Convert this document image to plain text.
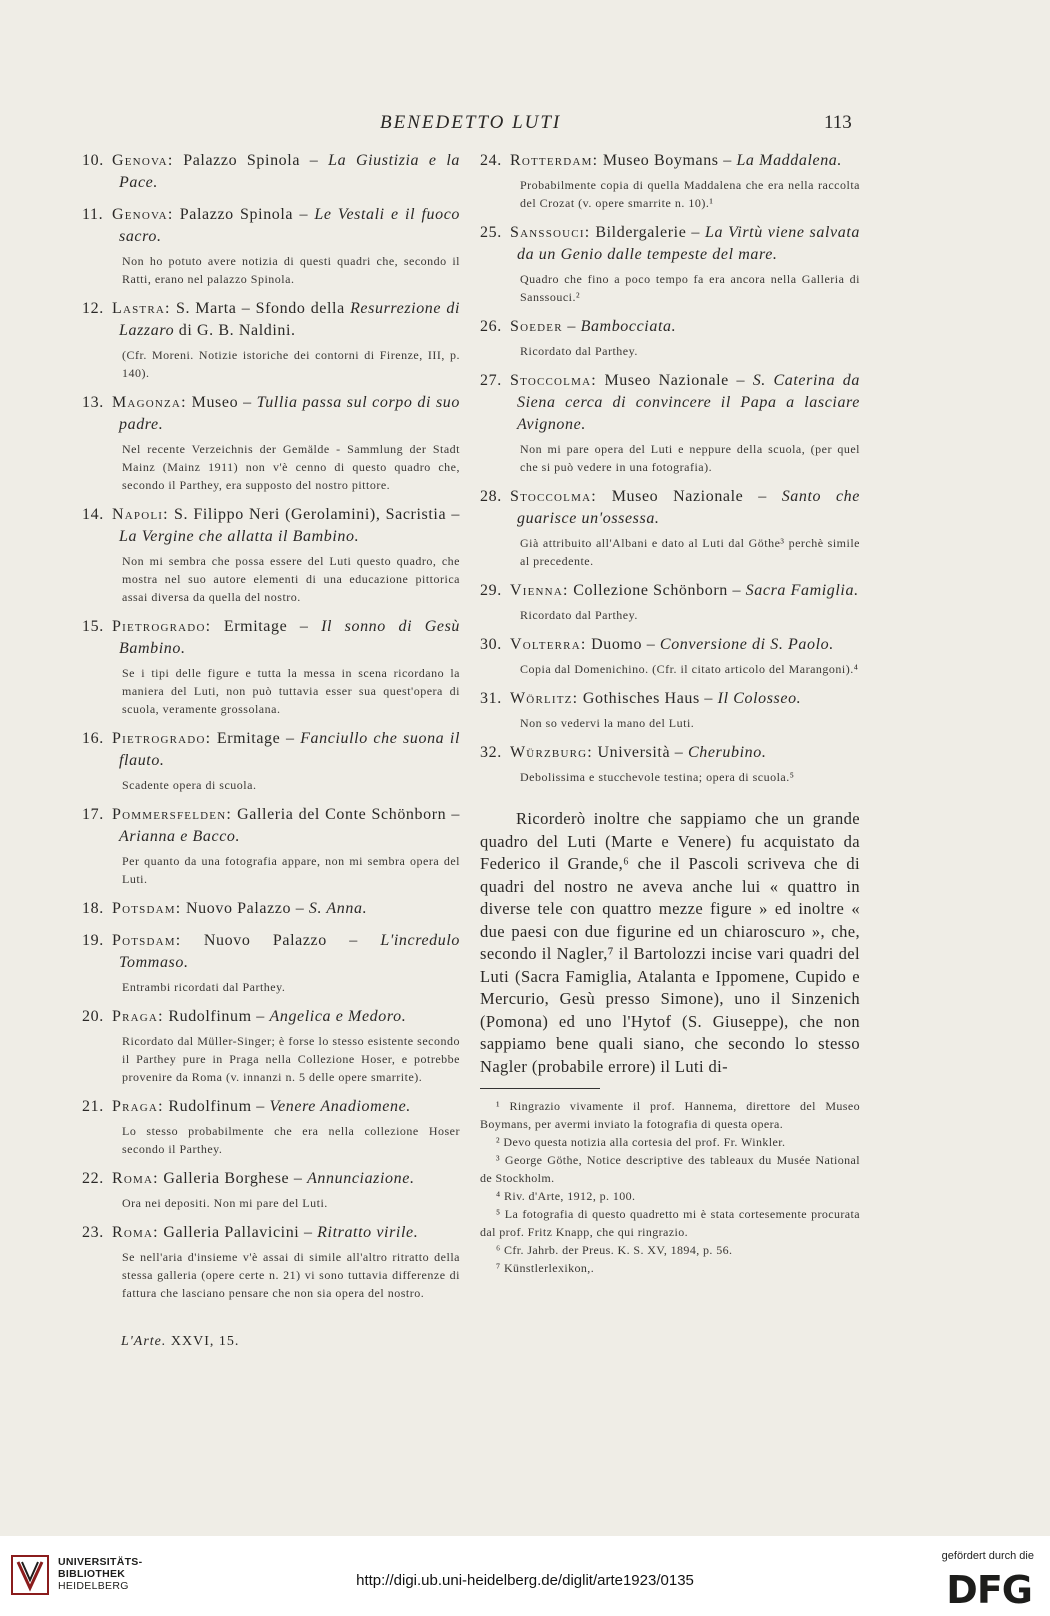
BENEDETTO LUTI	113
10. Genova: Palazzo Spinola – La Giustizia e la Pace.
11. Genova: Palazzo Spinola – Le Vestali e il fuoco sacro.
Non ho potuto avere notizia di questi quadri che, secondo il Ratti, erano nel palazzo Spinola.
12. Lastra: S. Marta – Sfondo della Resurrezione di Lazzaro di G. B. Naldini.
(Cfr. Moreni. Notizie istoriche dei contorni di Firenze, III, p. 140).
13. Magonza: Museo – Tullia passa sul corpo di suo padre.
Nel recente Verzeichnis der Gemälde - Sammlung der Stadt Mainz (Mainz 1911) non v'è cenno di questo quadro che, secondo il Parthey, era supposto del nostro pittore.
14. Napoli: S. Filippo Neri (Gerolamini), Sacristia – La Vergine che allatta il Bambino.
Non mi sembra che possa essere del Luti questo quadro, che mostra nel suo autore elementi di una educazione pittorica assai diversa da quella del nostro.
15. Pietrogrado: Ermitage – Il sonno di Gesù Bambino.
Se i tipi delle figure e tutta la messa in scena ricordano la maniera del Luti, non può tuttavia esser sua quest'opera di scuola, veramente grossolana.
16. Pietrogrado: Ermitage – Fanciullo che suona il flauto.
Scadente opera di scuola.
17. Pommersfelden: Galleria del Conte Schönborn – Arianna e Bacco.
Per quanto da una fotografia appare, non mi sembra opera del Luti.
18. Potsdam: Nuovo Palazzo – S. Anna.
19. Potsdam: Nuovo Palazzo – L'incredulo Tommaso.
Entrambi ricordati dal Parthey.
20. Praga: Rudolfinum – Angelica e Medoro.
Ricordato dal Müller-Singer; è forse lo stesso esistente secondo il Parthey pure in Praga nella Collezione Hoser, e potrebbe provenire da Roma (v. innanzi n. 5 delle opere smarrite).
21. Praga: Rudolfinum – Venere Anadiomene.
Lo stesso probabilmente che era nella collezione Hoser secondo il Parthey.
22. Roma: Galleria Borghese – Annunciazione.
Ora nei depositi. Non mi pare del Luti.
23. Roma: Galleria Pallavicini – Ritratto virile.
Se nell'aria d'insieme v'è assai di simile all'altro ritratto della stessa galleria (opere certe n. 21) vi sono tuttavia differenze di fattura che lasciano pensare che non sia opera del nostro.
24. Rotterdam: Museo Boymans – La Maddalena.
Probabilmente copia di quella Maddalena che era nella raccolta del Crozat (v. opere smarrite n. 10).¹
25. Sanssouci: Bildergalerie – La Virtù viene salvata da un Genio dalle tempeste del mare.
Quadro che fino a poco tempo fa era ancora nella Galleria di Sanssouci.²
26. Soeder – Bambocciata.
Ricordato dal Parthey.
27. Stoccolma: Museo Nazionale – S. Caterina da Siena cerca di convincere il Papa a lasciare Avignone.
Non mi pare opera del Luti e neppure della scuola, (per quel che si può vedere in una fotografia).
28. Stoccolma: Museo Nazionale – Santo che guarisce un'ossessa.
Già attribuito all'Albani e dato al Luti dal Göthe³ perchè simile al precedente.
29. Vienna: Collezione Schönborn – Sacra Famiglia.
Ricordato dal Parthey.
30. Volterra: Duomo – Conversione di S. Paolo.
Copia dal Domenichino. (Cfr. il citato articolo del Marangoni).⁴
31. Wörlitz: Gothisches Haus – Il Colosseo.
Non so vedervi la mano del Luti.
32. Würzburg: Università – Cherubino.
Debolissima e stucchevole testina; opera di scuola.⁵
Ricorderò inoltre che sappiamo che un grande quadro del Luti (Marte e Venere) fu acquistato da Federico il Grande,⁶ che il Pascoli scriveva che di quadri del nostro ne aveva anche lui « quattro in diverse tele con quattro mezze figure » ed inoltre « due paesi con due figurine ed un chiaroscuro », che, secondo il Nagler,⁷ il Bartolozzi incise vari quadri del Luti (Sacra Famiglia, Atalanta e Ippomene, Cupido e Mercurio, Gesù presso Simone), uno il Sinzenich (Pomona) ed uno l'Hytof (S. Giuseppe), che non sappiamo bene quali siano, che secondo lo stesso Nagler (probabile errore) il Luti di-
¹ Ringrazio vivamente il prof. Hannema, direttore del Museo Boymans, per avermi inviato la fotografia di questa opera.
² Devo questa notizia alla cortesia del prof. Fr. Winkler.
³ George Göthe, Notice descriptive des tableaux du Musée National de Stockholm.
⁴ Riv. d'Arte, 1912, p. 100.
⁵ La fotografia di questo quadretto mi è stata cortesemente procurata dal prof. Fritz Knapp, che qui ringrazio.
⁶ Cfr. Jahrb. der Preus. K. S. XV, 1894, p. 56.
⁷ Künstlerlexikon,.
L'Arte. XXVI, 15.
UNIVERSITÄTS-
BIBLIOTHEK
HEIDELBERG	http://digi.ub.uni-heidelberg.de/diglit/arte1923/0135
gefördert durch die
DFG
